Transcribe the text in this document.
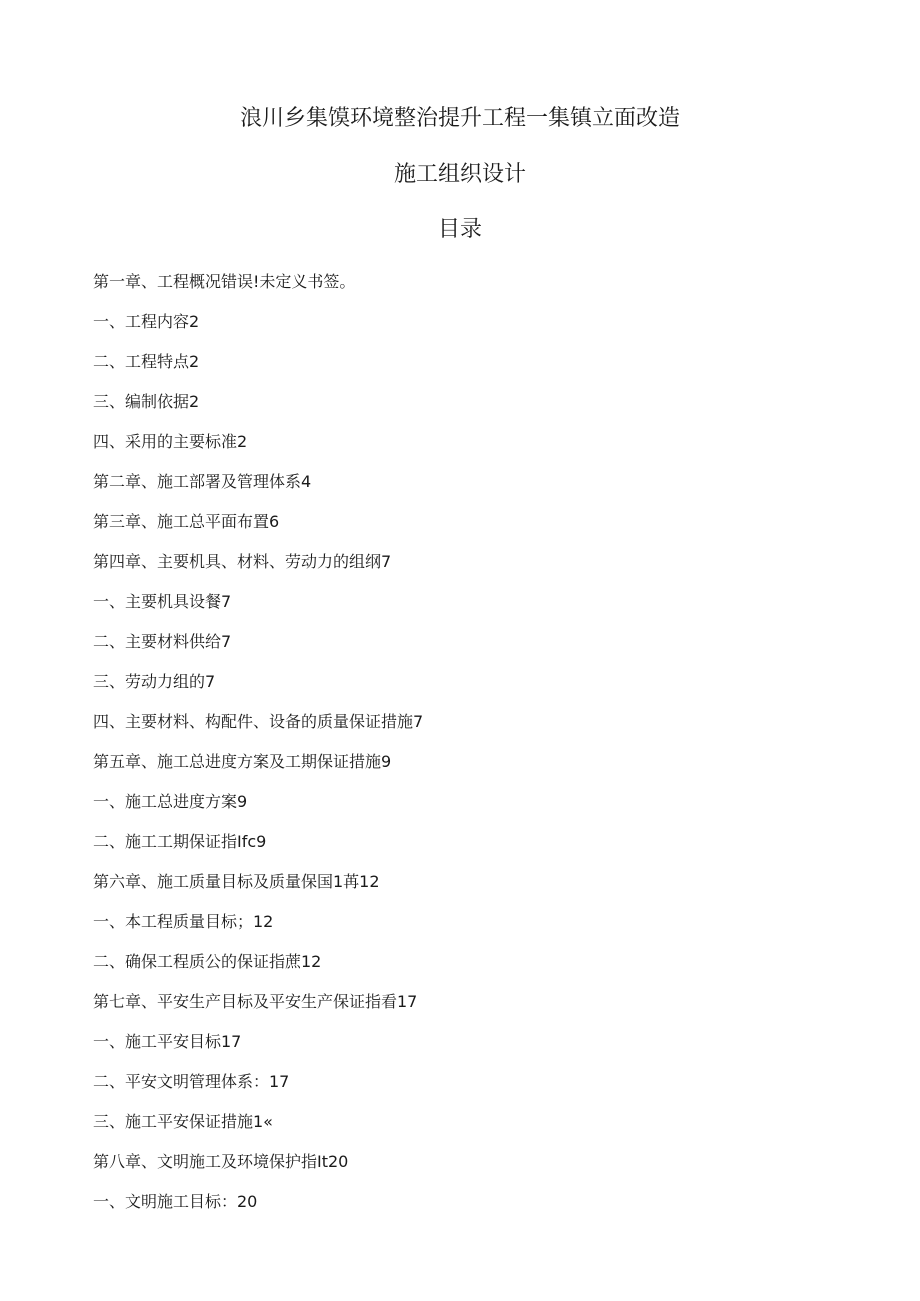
浪川乡集馍环境整治提升工程一集镇立面改造
施工组织设计
目录
第一章、工程概况错误!未定义书签。
一、工程内容2
二、工程特点2
三、编制依据2
四、采用的主要标准2
第二章、施工部署及管理体系4
第三章、施工总平面布置6
第四章、主要机具、材料、劳动力的组纲7
一、主要机具设餐7
二、主要材料供给7
三、劳动力组的7
四、主要材料、构配件、设备的质量保证措施7
第五章、施工总进度方案及工期保证措施9
一、施工总进度方案9
二、施工工期保证指Ifc9
第六章、施工质量目标及质量保国1苒12
一、本工程质量目标；12
二、确保工程质公的保证指蔗12
第七章、平安生产目标及平安生产保证指看17
一、施工平安目标17
二、平安文明管理体系：17
三、施工平安保证措施1«
第八章、文明施工及环境保护指It20
一、文明施工目标：20
